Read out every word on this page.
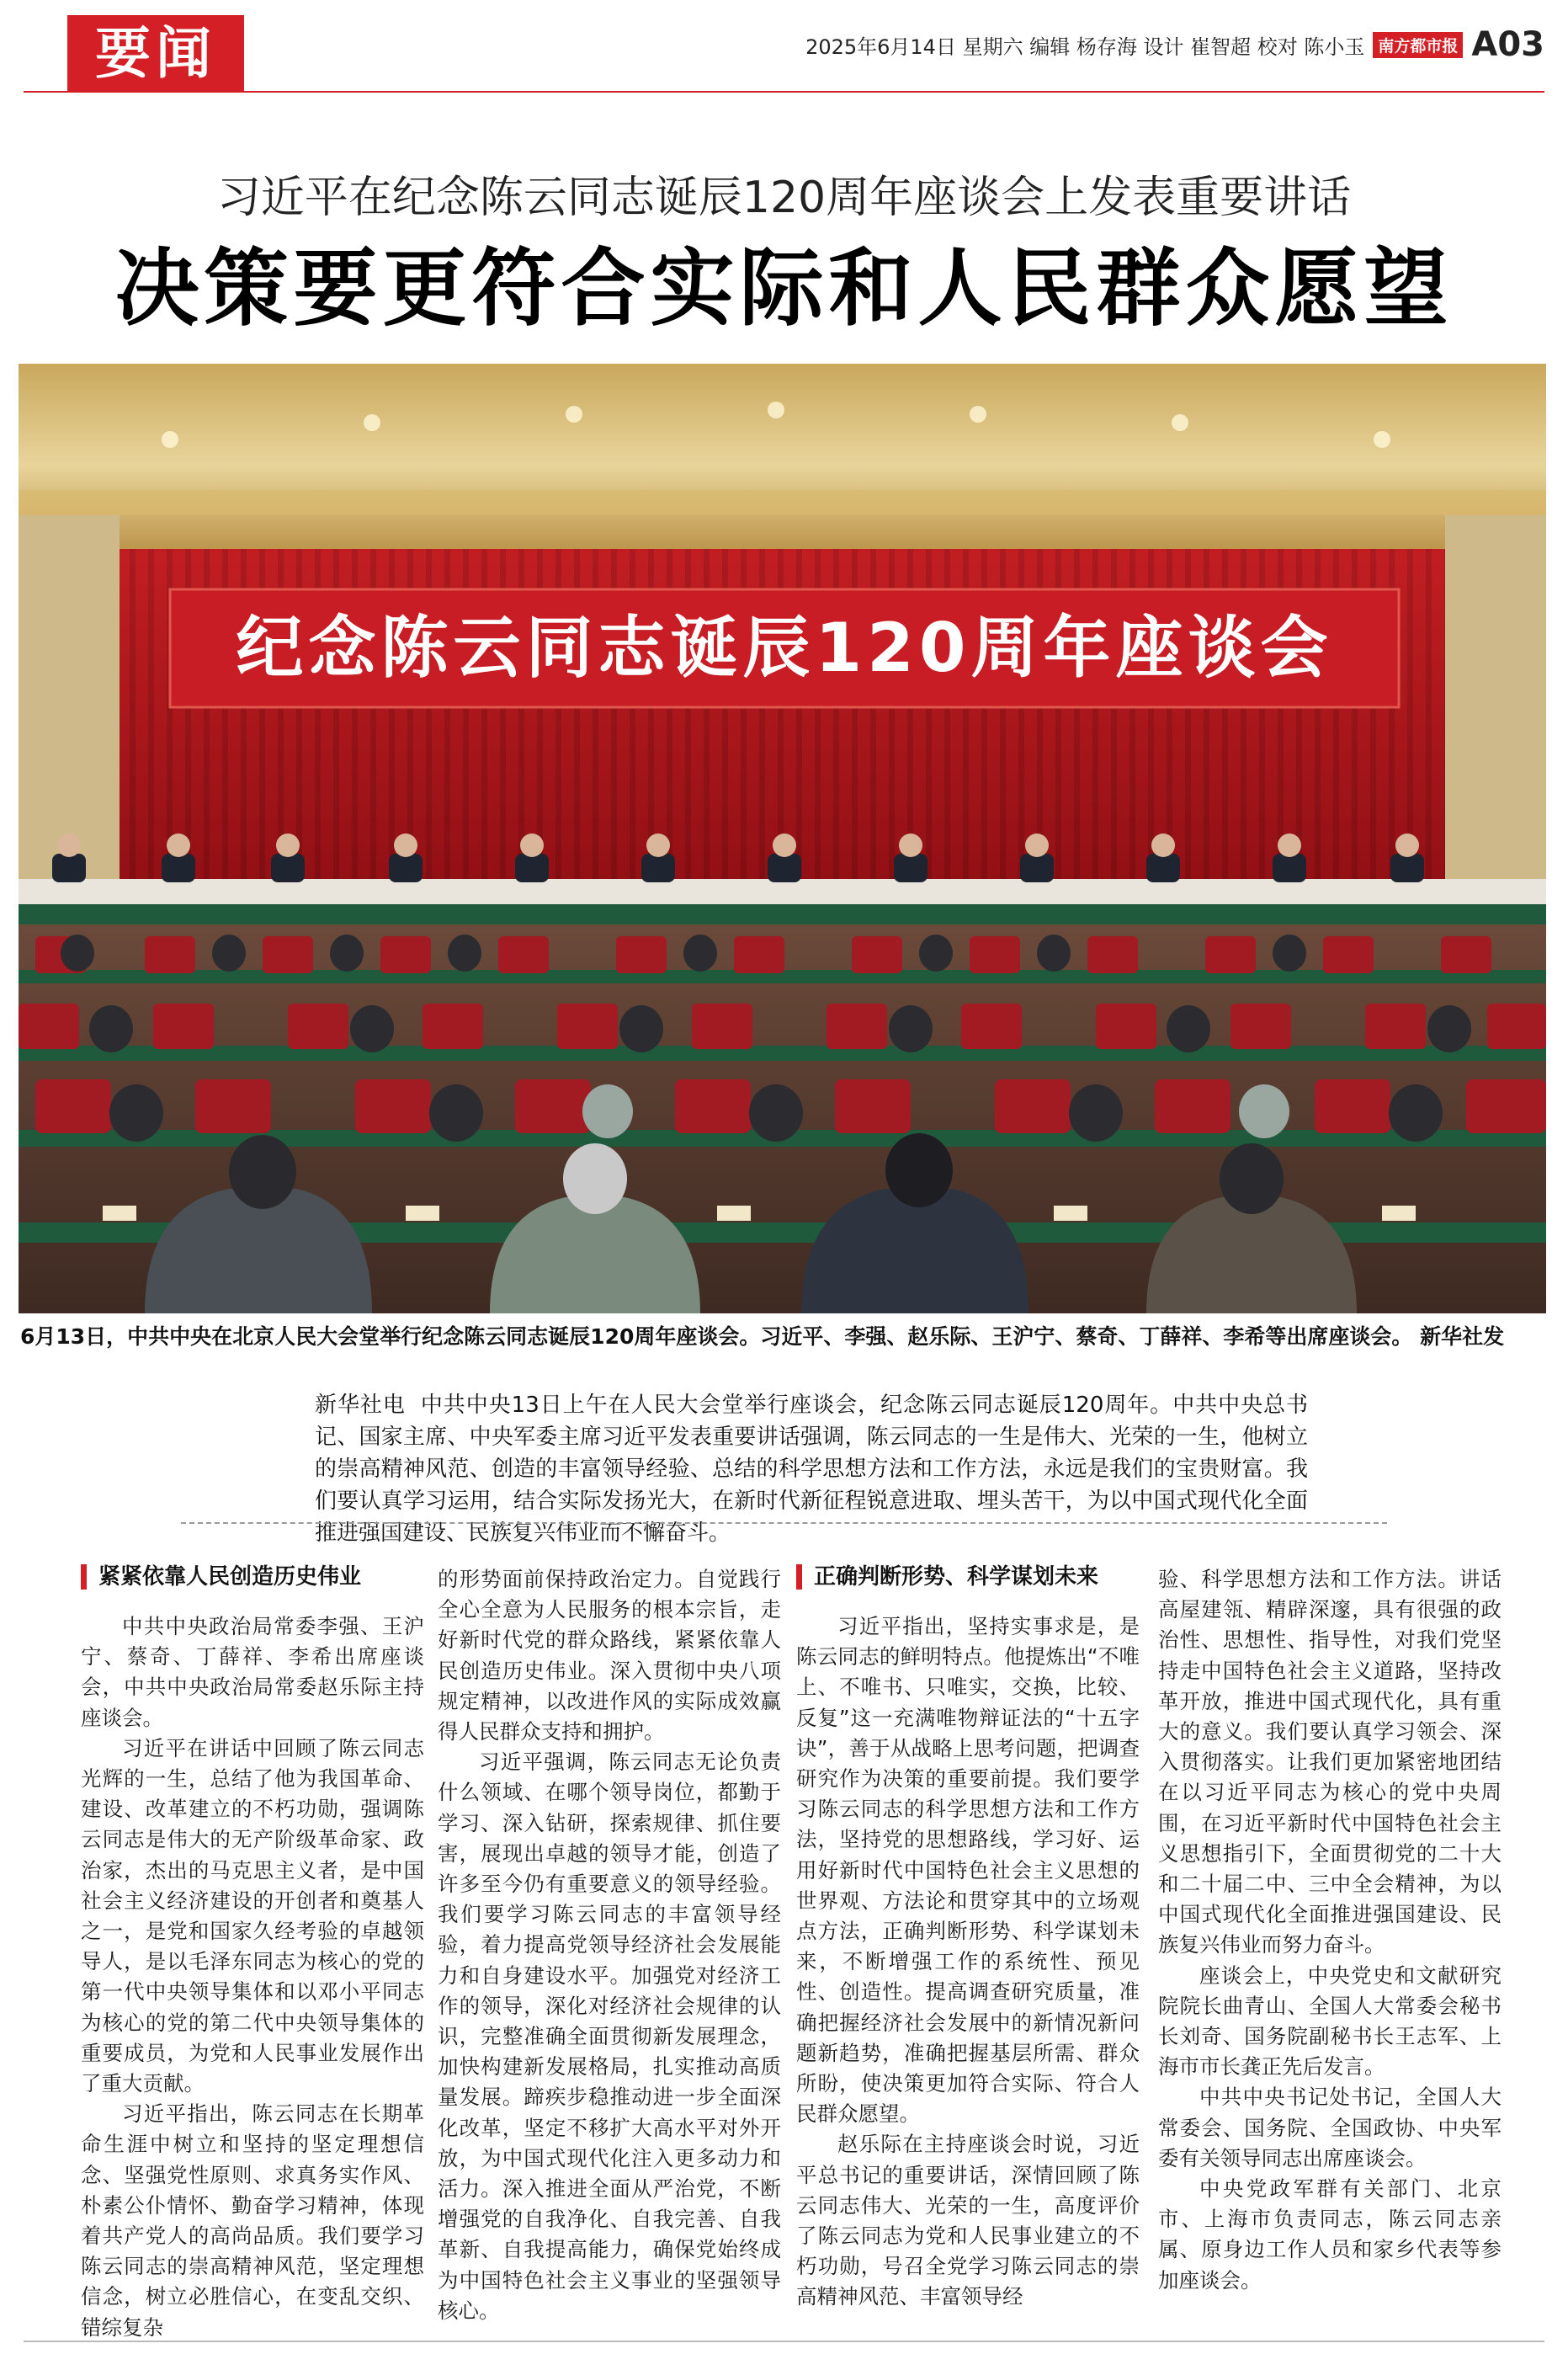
要闻	2025年6月14日 星期六 编辑 杨存海 设计 崔智超 校对 陈小玉 南方都市报 A03
习近平在纪念陈云同志诞辰120周年座谈会上发表重要讲话
决策要更符合实际和人民群众愿望
纪念陈云同志诞辰120周年座谈会
6月13日，中共中央在北京人民大会堂举行纪念陈云同志诞辰120周年座谈会。习近平、李强、赵乐际、王沪宁、蔡奇、丁薛祥、李希等出席座谈会。 新华社发
新华社电 中共中央13日上午在人民大会堂举行座谈会，纪念陈云同志诞辰120周年。中共中央总书记、国家主席、中央军委主席习近平发表重要讲话强调，陈云同志的一生是伟大、光荣的一生，他树立的崇高精神风范、创造的丰富领导经验、总结的科学思想方法和工作方法，永远是我们的宝贵财富。我们要认真学习运用，结合实际发扬光大，在新时代新征程锐意进取、埋头苦干，为以中国式现代化全面推进强国建设、民族复兴伟业而不懈奋斗。
紧紧依靠人民创造历史伟业

中共中央政治局常委李强、王沪宁、蔡奇、丁薛祥、李希出席座谈会，中共中央政治局常委赵乐际主持座谈会。

习近平在讲话中回顾了陈云同志光辉的一生，总结了他为我国革命、建设、改革建立的不朽功勋，强调陈云同志是伟大的无产阶级革命家、政治家，杰出的马克思主义者，是中国社会主义经济建设的开创者和奠基人之一，是党和国家久经考验的卓越领导人，是以毛泽东同志为核心的党的第一代中央领导集体和以邓小平同志为核心的党的第二代中央领导集体的重要成员，为党和人民事业发展作出了重大贡献。

习近平指出，陈云同志在长期革命生涯中树立和坚持的坚定理想信念、坚强党性原则、求真务实作风、朴素公仆情怀、勤奋学习精神，体现着共产党人的高尚品质。我们要学习陈云同志的崇高精神风范，坚定理想信念，树立必胜信心，在变乱交织、错综复杂

的形势面前保持政治定力。自觉践行全心全意为人民服务的根本宗旨，走好新时代党的群众路线，紧紧依靠人民创造历史伟业。深入贯彻中央八项规定精神，以改进作风的实际成效赢得人民群众支持和拥护。

习近平强调，陈云同志无论负责什么领域、在哪个领导岗位，都勤于学习、深入钻研，探索规律、抓住要害，展现出卓越的领导才能，创造了许多至今仍有重要意义的领导经验。我们要学习陈云同志的丰富领导经验，着力提高党领导经济社会发展能力和自身建设水平。加强党对经济工作的领导，深化对经济社会规律的认识，完整准确全面贯彻新发展理念，加快构建新发展格局，扎实推动高质量发展。蹄疾步稳推动进一步全面深化改革，坚定不移扩大高水平对外开放，为中国式现代化注入更多动力和活力。深入推进全面从严治党，不断增强党的自我净化、自我完善、自我革新、自我提高能力，确保党始终成为中国特色社会主义事业的坚强领导核心。

正确判断形势、科学谋划未来

习近平指出，坚持实事求是，是陈云同志的鲜明特点。他提炼出“不唯上、不唯书、只唯实，交换，比较、反复”这一充满唯物辩证法的“十五字诀”，善于从战略上思考问题，把调查研究作为决策的重要前提。我们要学习陈云同志的科学思想方法和工作方法，坚持党的思想路线，学习好、运用好新时代中国特色社会主义思想的世界观、方法论和贯穿其中的立场观点方法，正确判断形势、科学谋划未来，不断增强工作的系统性、预见性、创造性。提高调查研究质量，准确把握经济社会发展中的新情况新问题新趋势，准确把握基层所需、群众所盼，使决策更加符合实际、符合人民群众愿望。

赵乐际在主持座谈会时说，习近平总书记的重要讲话，深情回顾了陈云同志伟大、光荣的一生，高度评价了陈云同志为党和人民事业建立的不朽功勋，号召全党学习陈云同志的崇高精神风范、丰富领导经

验、科学思想方法和工作方法。讲话高屋建瓴、精辟深邃，具有很强的政治性、思想性、指导性，对我们党坚持走中国特色社会主义道路，坚持改革开放，推进中国式现代化，具有重大的意义。我们要认真学习领会、深入贯彻落实。让我们更加紧密地团结在以习近平同志为核心的党中央周围，在习近平新时代中国特色社会主义思想指引下，全面贯彻党的二十大和二十届二中、三中全会精神，为以中国式现代化全面推进强国建设、民族复兴伟业而努力奋斗。

座谈会上，中央党史和文献研究院院长曲青山、全国人大常委会秘书长刘奇、国务院副秘书长王志军、上海市市长龚正先后发言。

中共中央书记处书记，全国人大常委会、国务院、全国政协、中央军委有关领导同志出席座谈会。

中央党政军群有关部门、北京市、上海市负责同志，陈云同志亲属、原身边工作人员和家乡代表等参加座谈会。
